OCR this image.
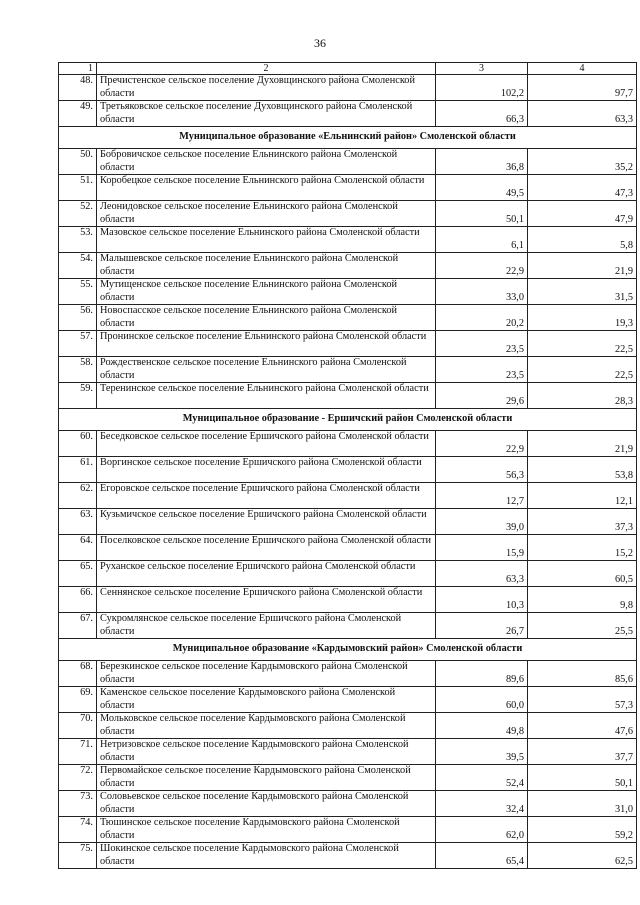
36
1	2	3	4
48.	Пречистенское сельское поселение Духовщинского района Смоленской области	102,2	97,7
49.	Третьяковское сельское поселение Духовщинского района Смоленской области	66,3	63,3
Муниципальное образование «Ельнинский район» Смоленской области			
50.	Бобровичское сельское поселение Ельнинского района Смоленской области	36,8	35,2
51.	Коробецкое сельское поселение Ельнинского района Смоленской области	49,5	47,3
52.	Леонидовское сельское поселение Ельнинского района Смоленской области	50,1	47,9
53.	Мазовское сельское поселение Ельнинского района Смоленской области	6,1	5,8
54.	Малышевское сельское поселение Ельнинского района Смоленской области	22,9	21,9
55.	Мутищенское сельское поселение Ельнинского района Смоленской области	33,0	31,5
56.	Новоспасское сельское поселение Ельнинского района Смоленской области	20,2	19,3
57.	Пронинское сельское поселение Ельнинского района Смоленской области	23,5	22,5
58.	Рождественское сельское поселение Ельнинского района Смоленской области	23,5	22,5
59.	Теренинское сельское поселение Ельнинского района Смоленской области	29,6	28,3
Муниципальное образование - Ершичский район Смоленской области			
60.	Беседковское сельское поселение Ершичского района Смоленской области	22,9	21,9
61.	Воргинское сельское поселение Ершичского района Смоленской области	56,3	53,8
62.	Егоровское сельское поселение Ершичского района Смоленской области	12,7	12,1
63.	Кузьмичское сельское поселение Ершичского района Смоленской области	39,0	37,3
64.	Поселковское сельское поселение Ершичского района Смоленской области	15,9	15,2
65.	Руханское сельское поселение Ершичского района Смоленской области	63,3	60,5
66.	Сеннянское сельское поселение Ершичского района Смоленской области	10,3	9,8
67.	Сукромлянское сельское поселение Ершичского района Смоленской области	26,7	25,5
Муниципальное образование «Кардымовский район» Смоленской области			
68.	Березкинское сельское поселение Кардымовского района Смоленской области	89,6	85,6
69.	Каменское сельское поселение Кардымовского района Смоленской области	60,0	57,3
70.	Мольковское сельское поселение Кардымовского района Смоленской области	49,8	47,6
71.	Нетризовское сельское поселение Кардымовского района Смоленской области	39,5	37,7
72.	Первомайское сельское поселение Кардымовского района Смоленской области	52,4	50,1
73.	Соловьевское сельское поселение Кардымовского района Смоленской области	32,4	31,0
74.	Тюшинское сельское поселение Кардымовского района Смоленской области	62,0	59,2
75.	Шокинское сельское поселение Кардымовского района Смоленской области	65,4	62,5
